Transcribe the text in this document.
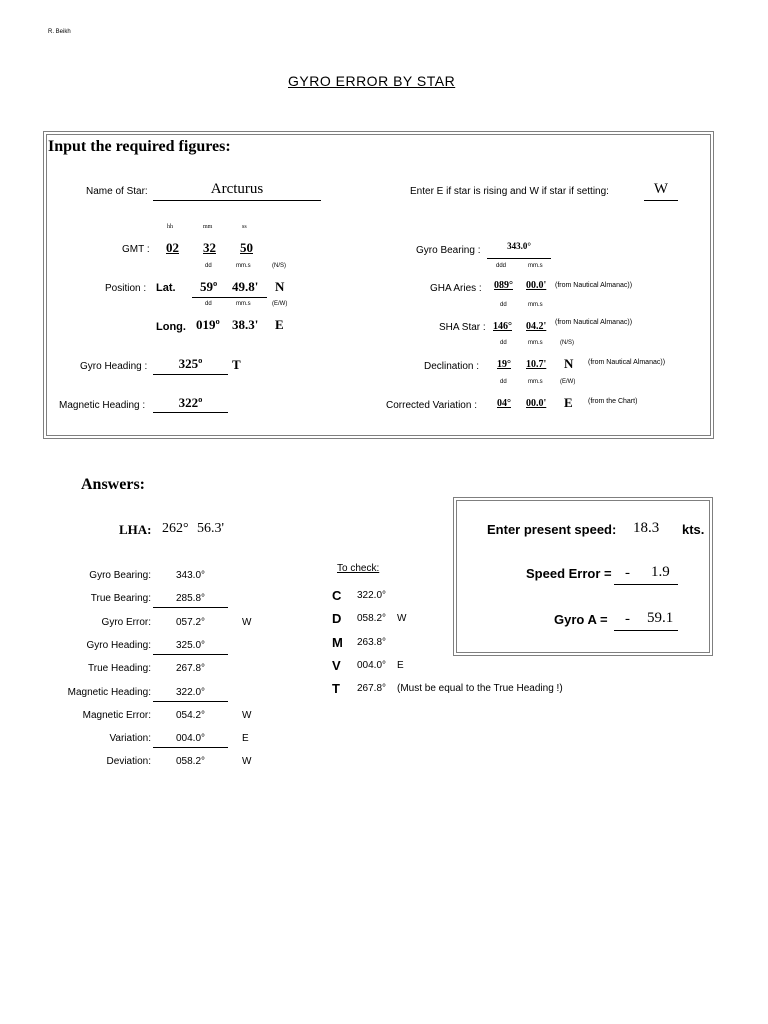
R. Beikh
GYRO ERROR BY STAR
Input the required figures:
Name of Star:	Arcturus	Enter E if star is rising and W if star if setting:	W
hh	mm	ss
GMT : 02 32 50
dd	mm.s	(N/S)
Position : Lat. 59º 49.8' N
dd	mm.s	(E/W)
Long. 019º 38.3' E
Gyro Heading :	325º	T
Magnetic Heading :	322º
Gyro Bearing :	343.0°
ddd	mm.s
GHA Aries : 089° 00.0' (from Nautical Almanac))
dd	mm.s
SHA Star : 146° 04.2' (from Nautical Almanac))
dd	mm.s	(N/S)
Declination : 19° 10.7' N (from Nautical Almanac))
dd	mm.s	(E/W)
Corrected Variation : 04° 00.0' E (from the Chart)
Answers:
LHA: 262° 56.3'
Gyro Bearing:	343.0°
True Bearing:	285.8°
Gyro Error:	057.2°	W
Gyro Heading:	325.0°
True Heading:	267.8°
Magnetic Heading:	322.0°
Magnetic Error:	054.2°	W
Variation:	004.0°	E
Deviation:	058.2°	W
To check:
C 322.0°
D 058.2° W
M 263.8°
V 004.0° E
T 267.8° (Must be equal to the True Heading !)
Enter present speed: 18.3 kts.
Speed Error = - 1.9
Gyro A = - 59.1
